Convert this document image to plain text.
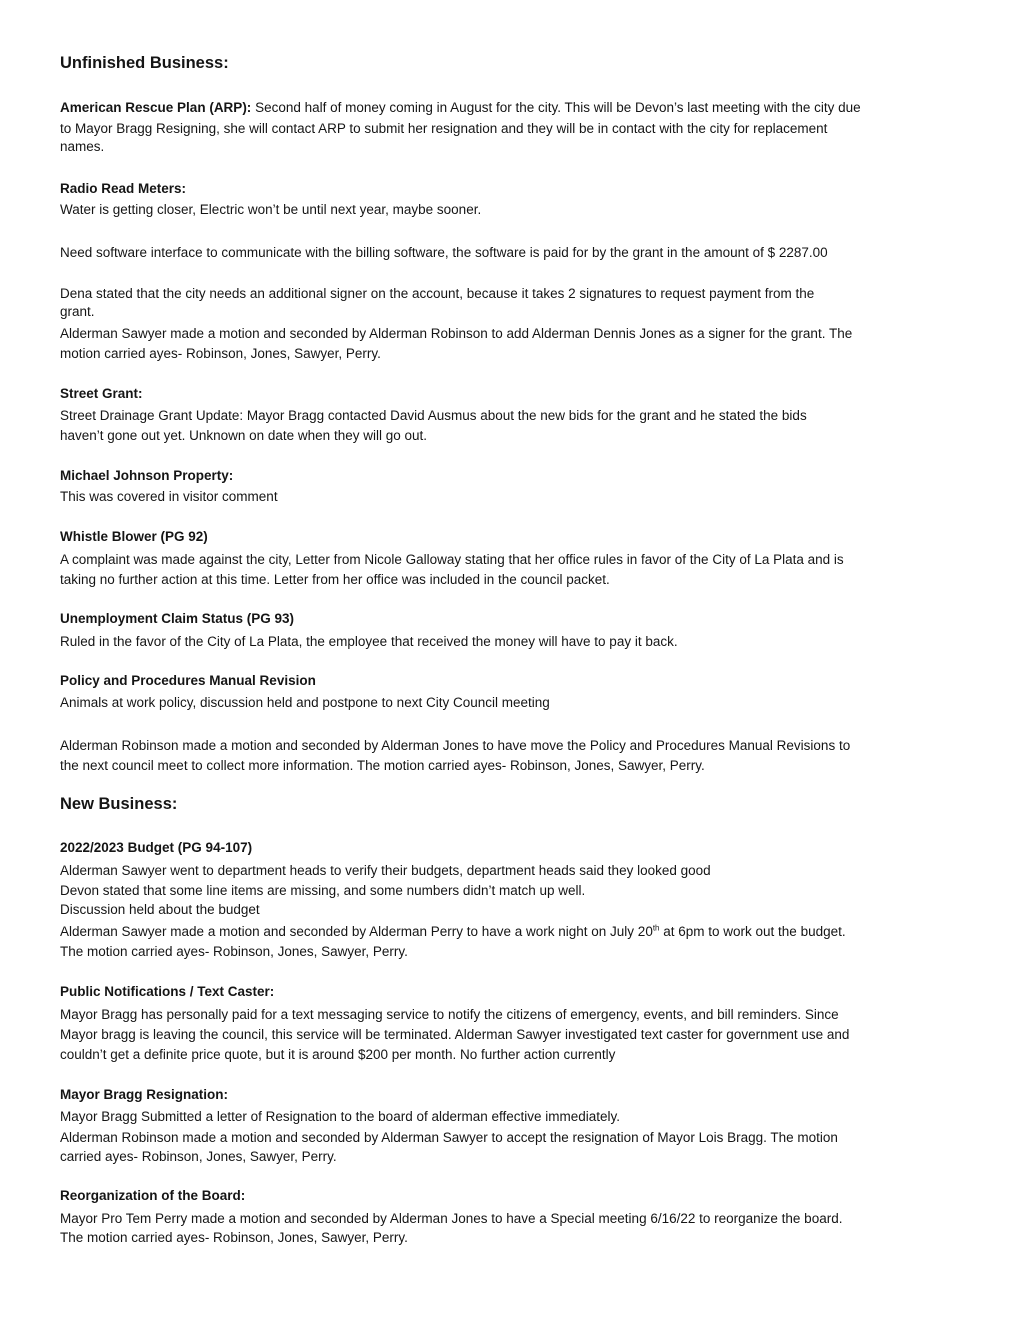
Unfinished Business:
American Rescue Plan (ARP): Second half of money coming in August for the city. This will be Devon’s last meeting with the city due
to Mayor Bragg Resigning, she will contact ARP to submit her resignation and they will be in contact with the city for replacement
names.
Radio Read Meters:
Water is getting closer, Electric won’t be until next year, maybe sooner.
Need software interface to communicate with the billing software, the software is paid for by the grant in the amount of $ 2287.00
Dena stated that the city needs an additional signer on the account, because it takes 2 signatures to request payment from the
grant.
Alderman Sawyer made a motion and seconded by Alderman Robinson to add Alderman Dennis Jones as a signer for the grant. The
motion carried ayes- Robinson, Jones, Sawyer, Perry.
Street Grant:
Street Drainage Grant Update: Mayor Bragg contacted David Ausmus about the new bids for the grant and he stated the bids
haven’t gone out yet. Unknown on date when they will go out.
Michael Johnson Property:
This was covered in visitor comment
Whistle Blower (PG 92)
A complaint was made against the city, Letter from Nicole Galloway stating that her office rules in favor of the City of La Plata and is
taking no further action at this time. Letter from her office was included in the council packet.
Unemployment Claim Status (PG 93)
Ruled in the favor of the City of La Plata, the employee that received the money will have to pay it back.
Policy and Procedures Manual Revision
Animals at work policy, discussion held and postpone to next City Council meeting
Alderman Robinson made a motion and seconded by Alderman Jones to have move the Policy and Procedures Manual Revisions to
the next council meet to collect more information. The motion carried ayes- Robinson, Jones, Sawyer, Perry.
New Business:
2022/2023 Budget (PG 94-107)
Alderman Sawyer went to department heads to verify their budgets, department heads said they looked good
Devon stated that some line items are missing, and some numbers didn’t match up well.
Discussion held about the budget
Alderman Sawyer made a motion and seconded by Alderman Perry to have a work night on July 20th at 6pm to work out the budget.
The motion carried ayes- Robinson, Jones, Sawyer, Perry.
Public Notifications / Text Caster:
Mayor Bragg has personally paid for a text messaging service to notify the citizens of emergency, events, and bill reminders. Since
Mayor bragg is leaving the council, this service will be terminated. Alderman Sawyer investigated text caster for government use and
couldn’t get a definite price quote, but it is around $200 per month. No further action currently
Mayor Bragg Resignation:
Mayor Bragg Submitted a letter of Resignation to the board of alderman effective immediately.
Alderman Robinson made a motion and seconded by Alderman Sawyer to accept the resignation of Mayor Lois Bragg. The motion
carried ayes- Robinson, Jones, Sawyer, Perry.
Reorganization of the Board:
Mayor Pro Tem Perry made a motion and seconded by Alderman Jones to have a Special meeting 6/16/22 to reorganize the board.
The motion carried ayes- Robinson, Jones, Sawyer, Perry.
